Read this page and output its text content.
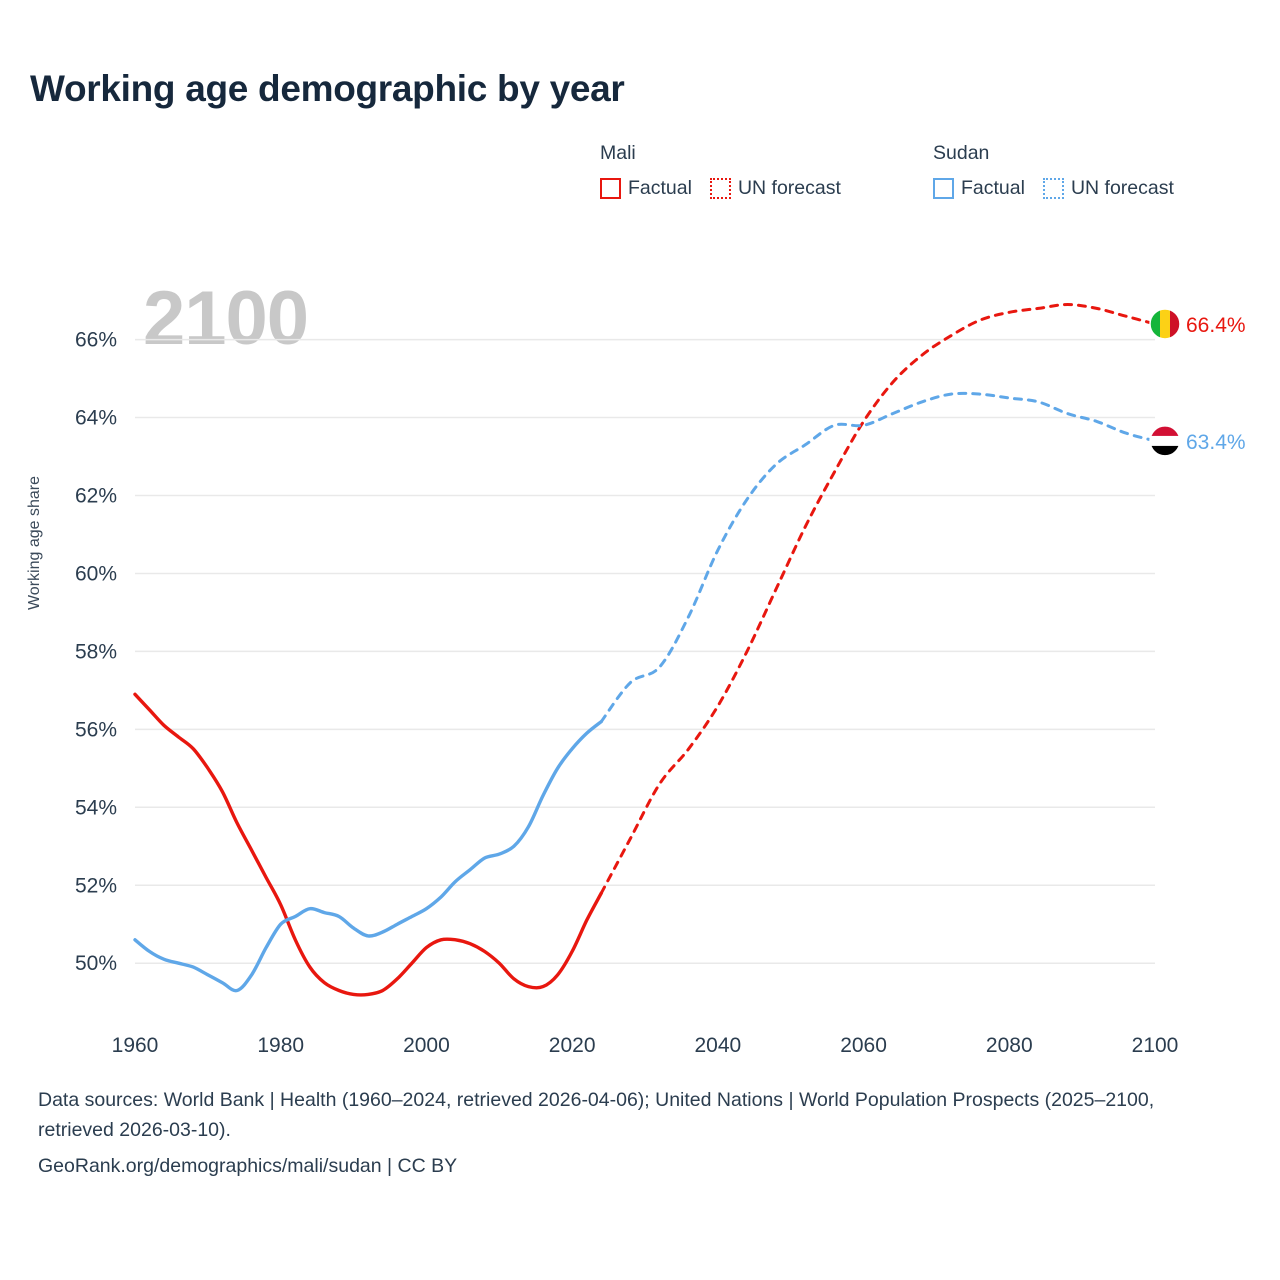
Working age demographic by year
Mali
Factual UN forecast
Sudan
Factual UN forecast
2100
Working age share
50%
52%
54%
56%
58%
60%
62%
64%
66%
1960	1980	2000	2020	2040	2060	2080	2100
66.4%
63.4%
Data sources: World Bank | Health (1960–2024, retrieved 2026-04-06); United Nations | World Population Prospects (2025–2100, retrieved 2026-03-10).
GeoRank.org/demographics/mali/sudan | CC BY
